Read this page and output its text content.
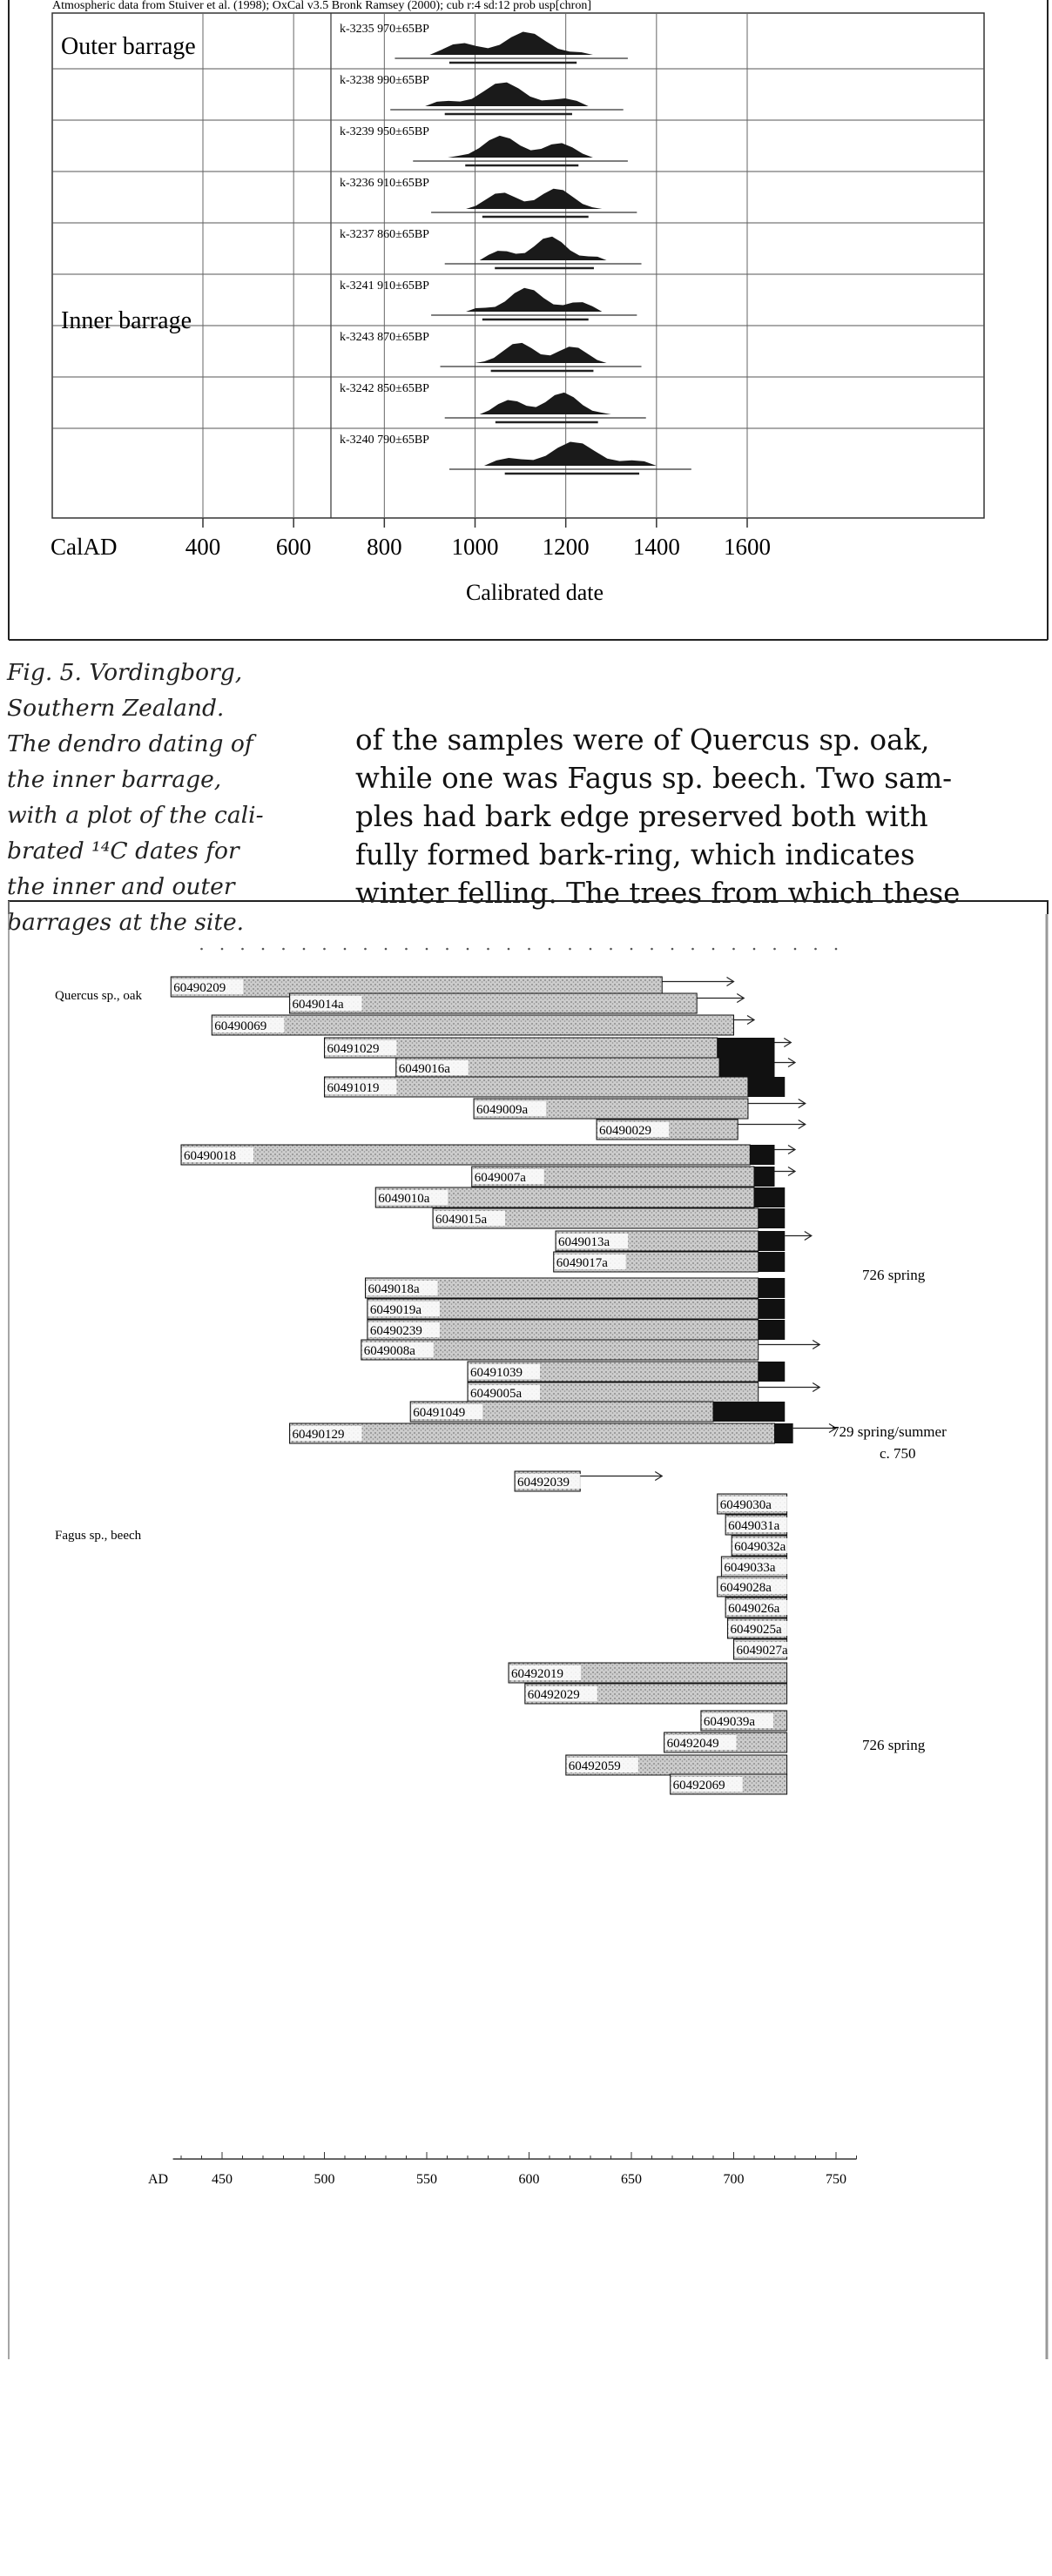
Atmospheric data from Stuiver et al. (1998); OxCal v3.5 Bronk Ramsey (2000); cub r:4 sd:12 prob usp[chron]
k-3235 970±65BP
k-3238 990±65BP
k-3239 950±65BP
k-3236 910±65BP
k-3237 860±65BP
k-3241 910±65BP
k-3243 870±65BP
k-3242 850±65BP
k-3240 790±65BP
Outer barrage
Inner barrage
400 600 800 1000 1200 1400 1600
CalAD
Calibrated date
Fig. 5. Vordingborg,
Southern Zealand.
The dendro dating of
the inner barrage,
with a plot of the cali-
brated ¹⁴C dates for
the inner and outer
barrages at the site.
of the samples were of Quercus sp. oak,
while one was Fagus sp. beech. Two sam-
ples had bark edge preserved both with
fully formed bark-ring, which indicates
winter felling. The trees from which these
Quercus sp., oak
Fagus sp., beech
60490209
6049014a
60490069
60491029
6049016a
60491019
6049009a
60490029
60490018
6049007a
6049010a
6049015a
6049013a
6049017a
6049018a
6049019a
60490239
6049008a
60491039
6049005a
60491049
60490129
60492039
6049030a
6049031a
6049032a
6049033a
6049028a
6049026a
6049025a
6049027a
60492019
60492029
6049039a
60492049
60492059
60492069
726 spring
729 spring/summer
c. 750
726 spring
450	500	550	600	650	700	750
AD
